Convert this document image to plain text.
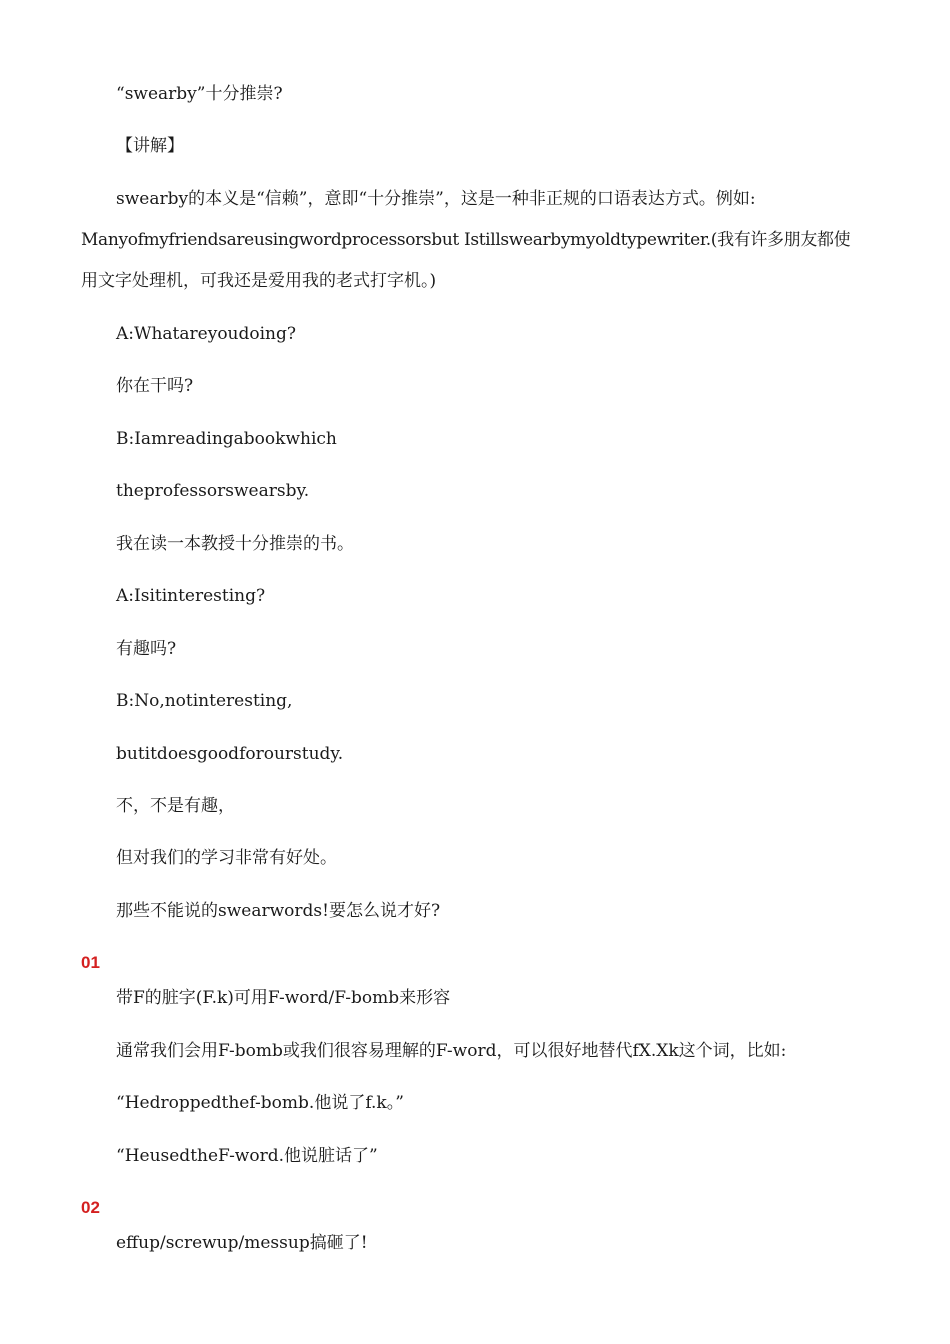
“swearby”十分推崇?
【讲解】
swearby的本义是“信赖”，意即“十分推崇”，这是一种非正规的口语表达方式。例如:
Manyofmyfriendsareusingwordprocessorsbut Istillswearbymyoldtypewriter.(我有许多朋友都使
用文字处理机，可我还是爱用我的老式打字机。)
A:Whatareyoudoing?
你在干吗?
B:Iamreadingabookwhich
theprofessorswearsby.
我在读一本教授十分推崇的书。
A:Isitinteresting?
有趣吗?
B:No,notinteresting,
butitdoesgoodforourstudy.
不，不是有趣，
但对我们的学习非常有好处。
那些不能说的swearwords!要怎么说才好?
01
带F的脏字(F.k)可用F-word/F-bomb来形容
通常我们会用F-bomb或我们很容易理解的F-word，可以很好地替代fX.Xk这个词，比如:
“Hedroppedthef-bomb.他说了f.k。”
“HeusedtheF-word.他说脏话了”
02
effup/screwup/messup搞砸了!
